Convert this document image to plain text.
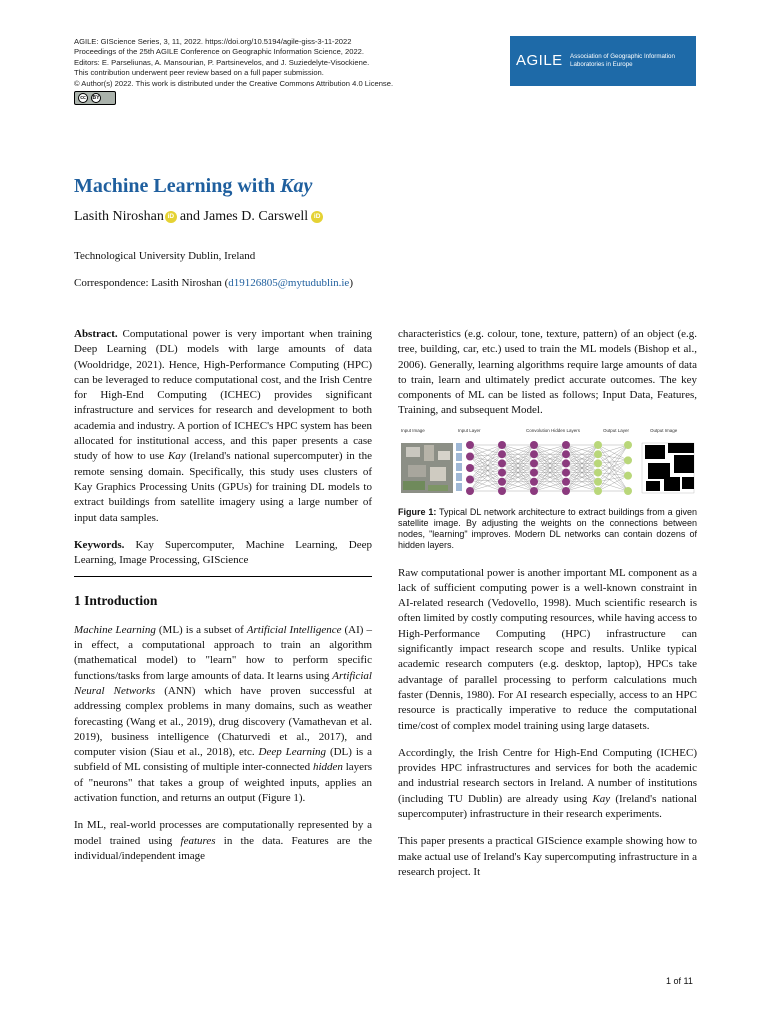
AGILE: GIScience Series, 3, 11, 2022. https://doi.org/10.5194/agile-giss-3-11-2022
Proceedings of the 25th AGILE Conference on Geographic Information Science, 2022.
Editors: E. Parseliunas, A. Mansourian, P. Partsinevelos, and J. Suziedelyte-Visockiene.
This contribution underwent peer review based on a full paper submission.
© Author(s) 2022. This work is distributed under the Creative Commons Attribution 4.0 License.
cc	BY
AGILE Association of Geographic Information
Laboratories in Europe
Machine Learning with Kay
Lasith Niroshan iD and James D. Carswell iD
Technological University Dublin, Ireland
Correspondence: Lasith Niroshan (d19126805@mytudublin.ie)

Abstract. Computational power is very important when training Deep Learning (DL) models with large amounts of data (Wooldridge, 2021). Hence, High-Performance Computing (HPC) can be leveraged to reduce computational cost, and the Irish Centre for High-End Computing (ICHEC) provides significant infrastructure and services for research and development to both academia and industry. A portion of ICHEC's HPC system has been allocated for institutional access, and this paper presents a case study of how to use Kay (Ireland's national supercomputer) in the remote sensing domain. Specifically, this study uses clusters of Kay Graphics Processing Units (GPUs) for training DL models to extract buildings from satellite imagery using a large number of input data samples.

Keywords. Kay Supercomputer, Machine Learning, Deep Learning, Image Processing, GIScience

1 Introduction

Machine Learning (ML) is a subset of Artificial Intelligence (AI) – in effect, a computational approach to train an algorithm (mathematical model) to "learn" how to perform specific functions/tasks from large amounts of data. It learns using Artificial Neural Networks (ANN) which have proven successful at addressing complex problems in many domains, such as weather forecasting (Wang et al., 2019), drug discovery (Vamathevan et al. 2019), business intelligence (Chaturvedi et al., 2017), and computer vision (Siau et al., 2018), etc. Deep Learning (DL) is a subfield of ML consisting of multiple inter-connected hidden layers of "neurons" that takes a group of weighted inputs, applies an activation function, and returns an output (Figure 1).

In ML, real-world processes are computationally represented by a model trained using features in the data. Features are the individual/independent image

characteristics (e.g. colour, tone, texture, pattern) of an object (e.g. tree, building, car, etc.) used to train the ML models (Bishop et al., 2006). Generally, learning algorithms require large amounts of data to train, learn and ultimately predict accurate outcomes. The key components of ML can be listed as follows; Input Data, Features, Training, and subsequent Model.

Input Image	Input Layer	Convolution Hidden Layers	Output Layer	Output Image
Figure 1: Typical DL network architecture to extract buildings from a given satellite image. By adjusting the weights on the connections between nodes, "learning" improves. Modern DL networks can contain dozens of hidden layers.

Raw computational power is another important ML component as a lack of sufficient computing power is a well-known constraint in AI-related research (Vedovello, 1998). Much scientific research is often limited by costly computing resources, while having access to High-Performance Computing (HPC) infrastructure can significantly impact research scope and results. Unlike typical academic research computers (e.g. desktop, laptop), HPCs take advantage of parallel processing to perform calculations much faster (Dennis, 1980). For AI research especially, access to an HPC resource is practically imperative to reduce the computational time/cost of complex model training using large datasets.

Accordingly, the Irish Centre for High-End Computing (ICHEC) provides HPC infrastructures and services for both the academic and industrial research sectors in Ireland. A number of institutions (including TU Dublin) are already using Kay (Ireland's national supercomputer) infrastructure in their research experiments.

This paper presents a practical GIScience example showing how to make actual use of Ireland's Kay supercomputing infrastructure in a research project. It

1 of 11
